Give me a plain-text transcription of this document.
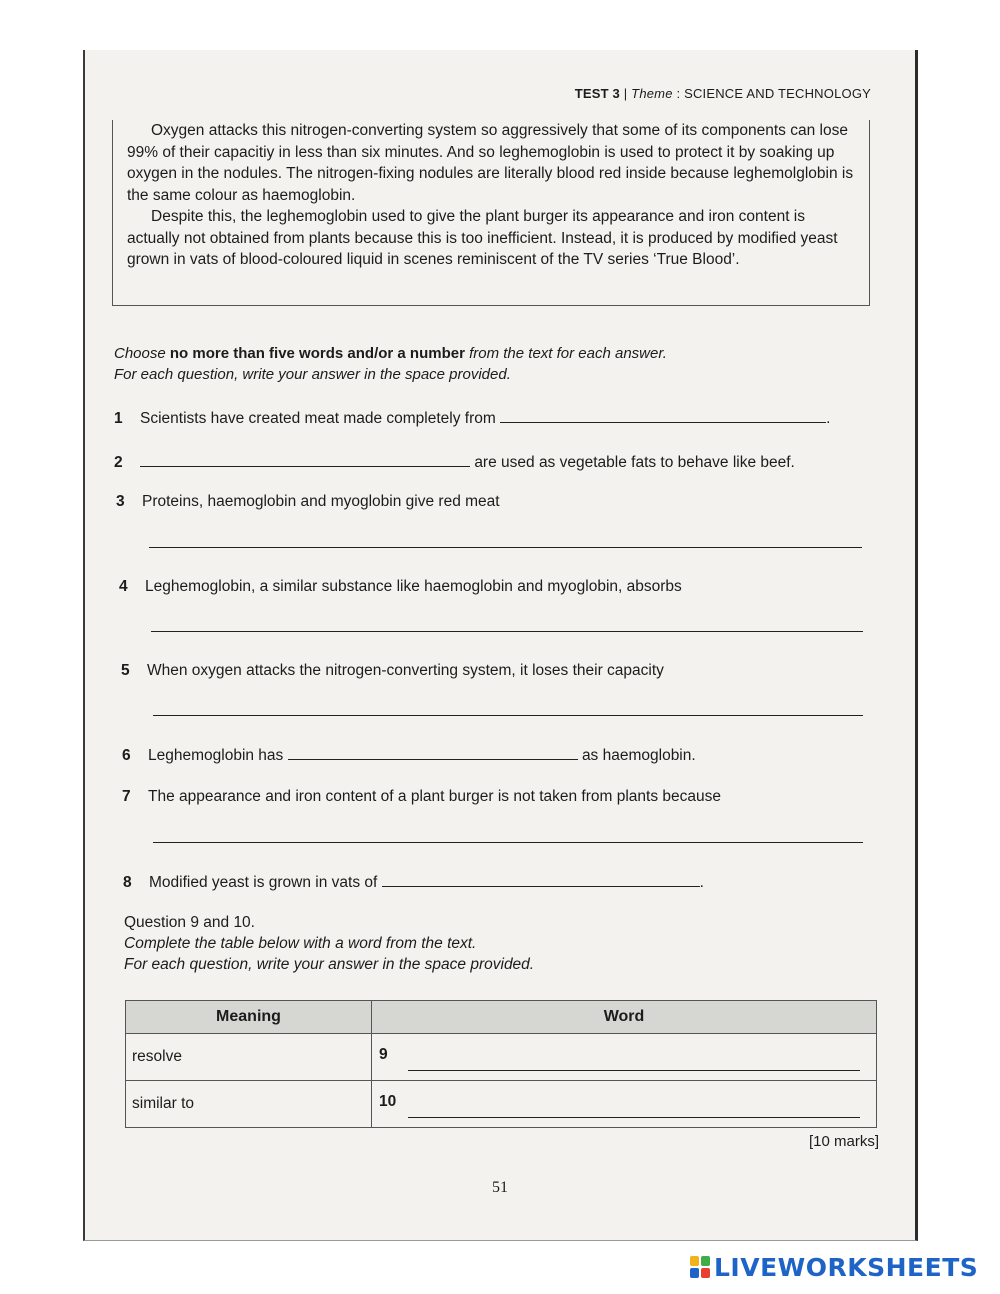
TEST 3 | Theme : SCIENCE AND TECHNOLOGY

Oxygen attacks this nitrogen-converting system so aggressively that some of its components can lose 99% of their capacitiy in less than six minutes. And so leghemoglobin is used to protect it by soaking up oxygen in the nodules. The nitrogen-fixing nodules are literally blood red inside because leghemolglobin is the same colour as haemoglobin.

Despite this, the leghemoglobin used to give the plant burger its appearance and iron content is actually not obtained from plants because this is too inefficient. Instead, it is produced by modified yeast grown in vats of blood-coloured liquid in scenes reminiscent of the TV series ‘True Blood’.

Choose no more than five words and/or a number from the text for each answer.
For each question, write your answer in the space provided.
1 Scientists have created meat made completely from	.
2	are used as vegetable fats to behave like beef.
3 Proteins, haemoglobin and myoglobin give red meat
4 Leghemoglobin, a similar substance like haemoglobin and myoglobin, absorbs
5 When oxygen attacks the nitrogen-converting system, it loses their capacity
6 Leghemoglobin has	as haemoglobin.
7 The appearance and iron content of a plant burger is not taken from plants because
8 Modified yeast is grown in vats of	.
Question 9 and 10.
Complete the table below with a word from the text.
For each question, write your answer in the space provided.
Meaning	Word
resolve	9

similar to	10
[10 marks]
51
LIVEWORKSHEETS
